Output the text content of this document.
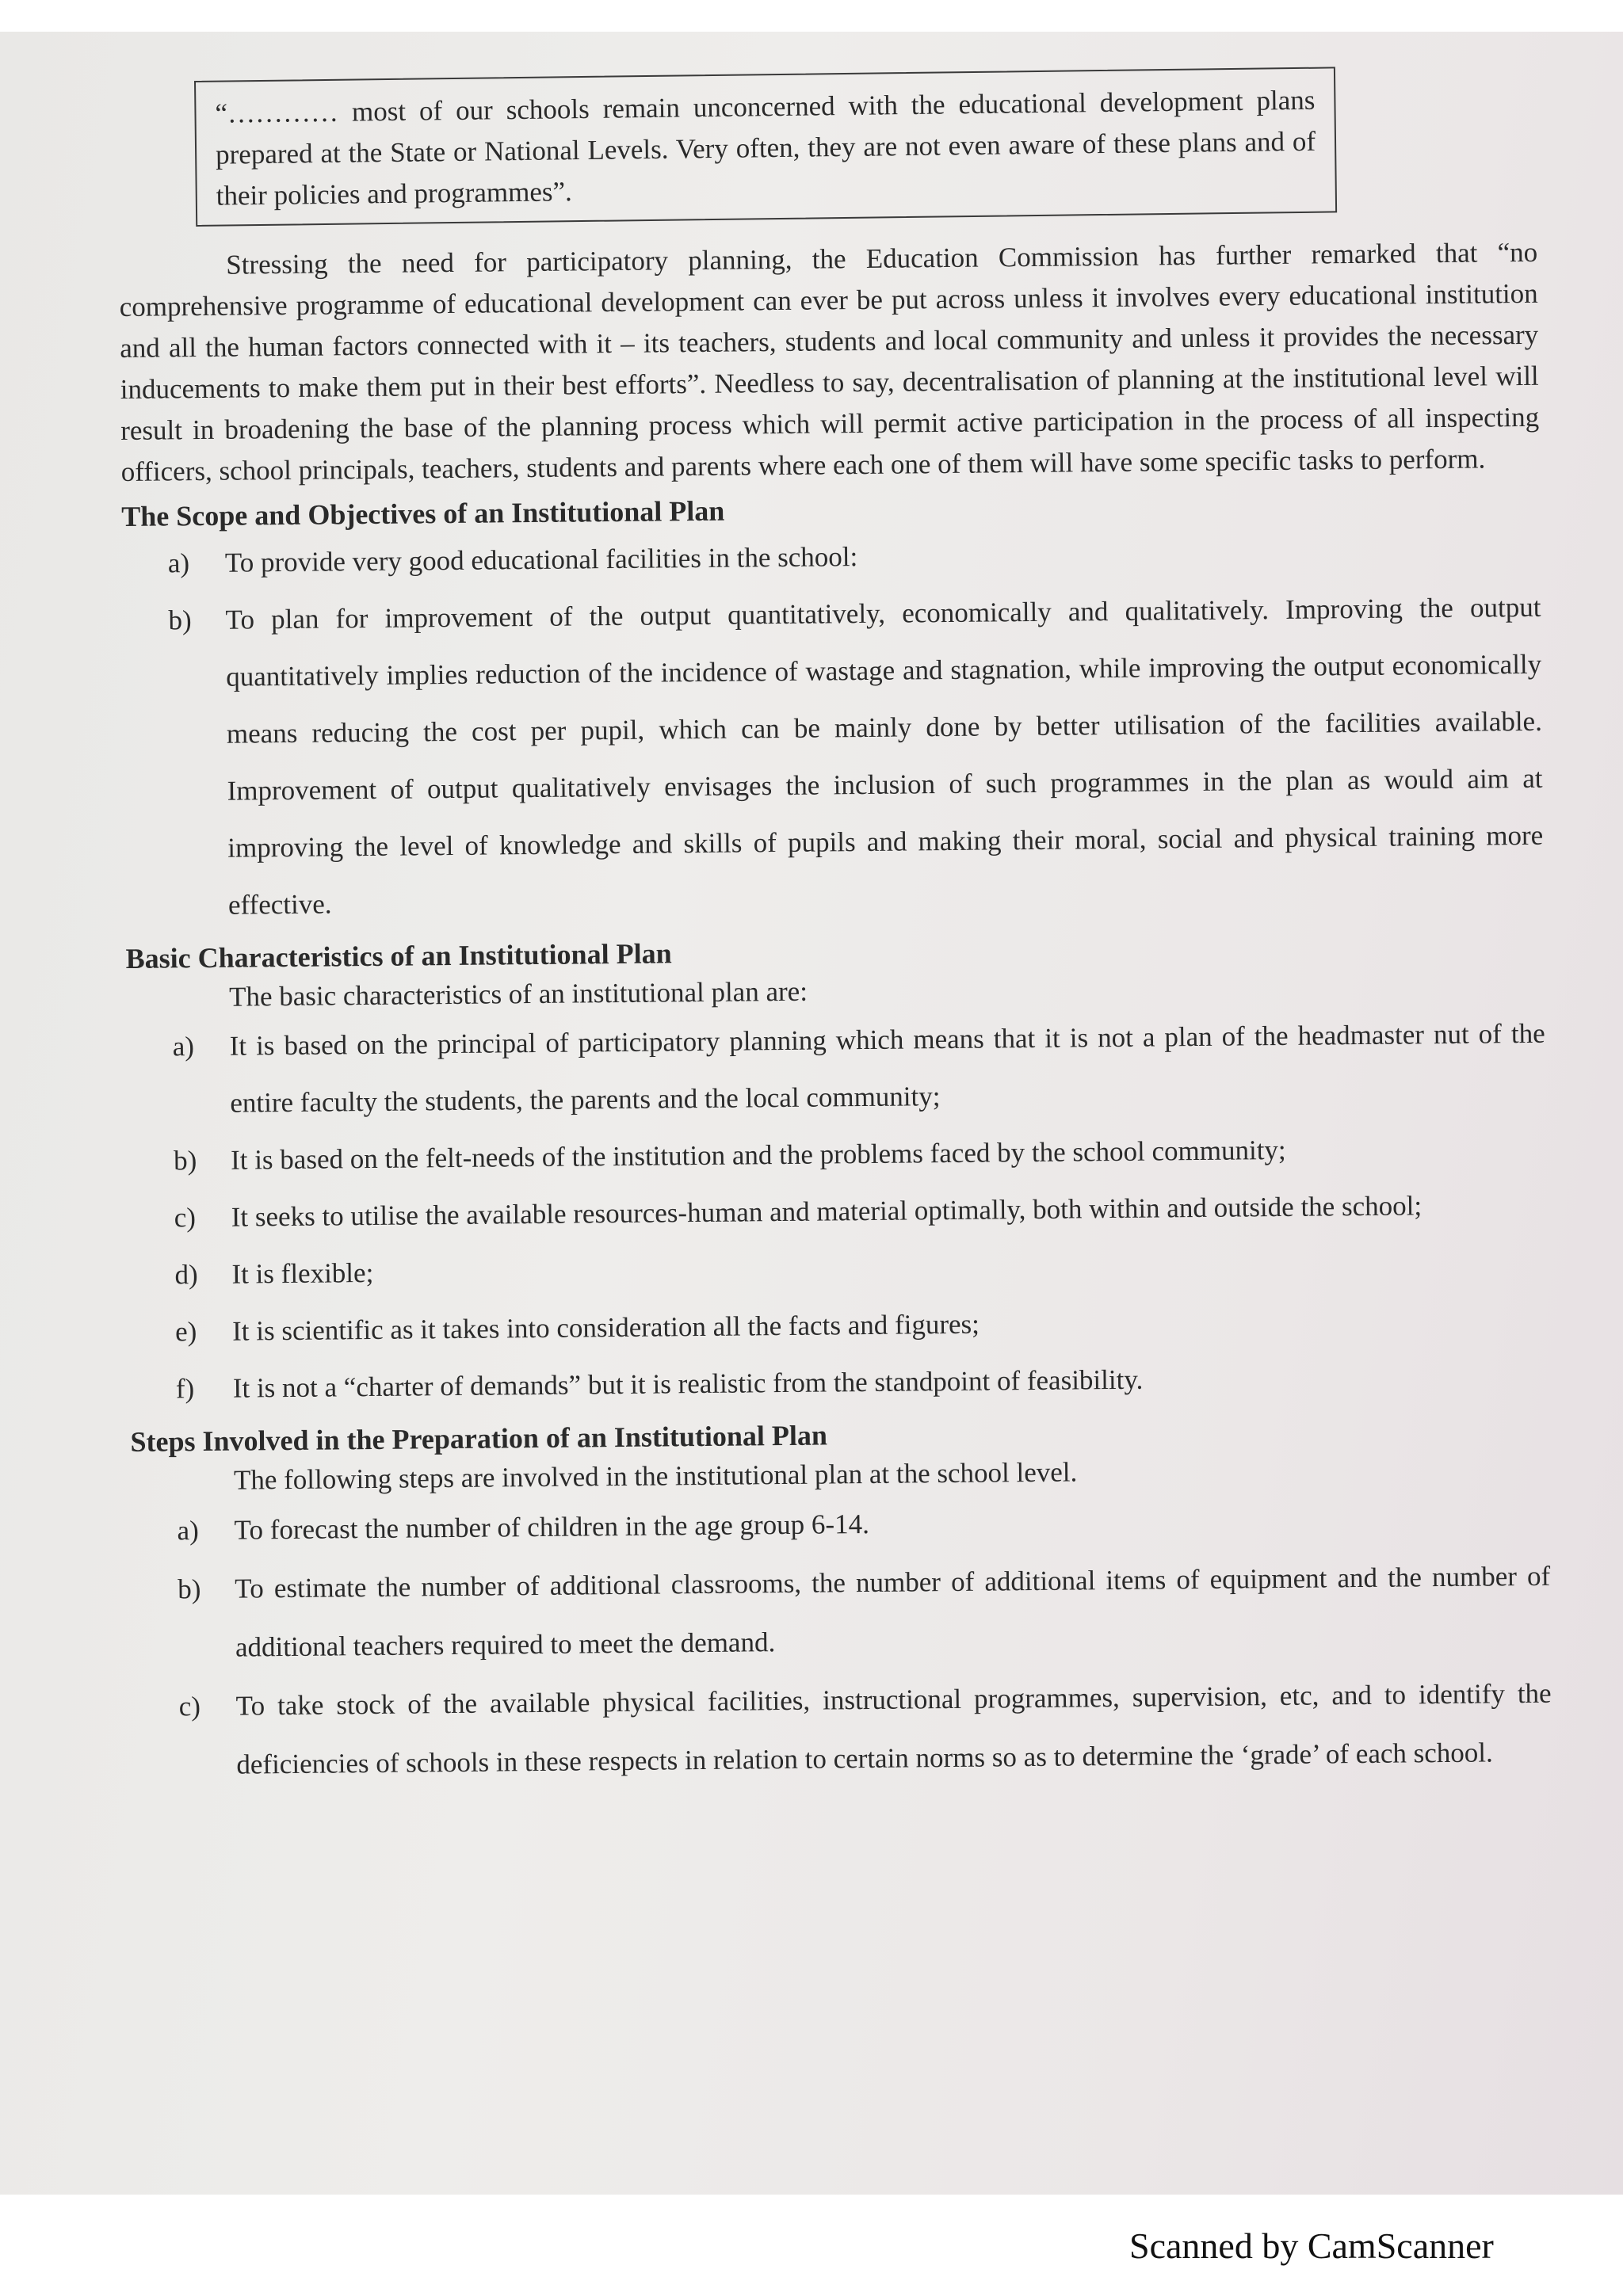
“………… most of our schools remain unconcerned with the educational development plans prepared at the State or National Levels. Very often, they are not even aware of these plans and of their policies and programmes”.

Stressing the need for participatory planning, the Education Commission has further remarked that “no comprehensive programme of educational development can ever be put across unless it involves every educational institution and all the human factors connected with it – its teachers, students and local community and unless it provides the necessary inducements to make them put in their best efforts”. Needless to say, decentralisation of planning at the institutional level will result in broadening the base of the planning process which will permit active participation in the process of all inspecting officers, school principals, teachers, students and parents where each one of them will have some specific tasks to perform.

The Scope and Objectives of an Institutional Plan
a) To provide very good educational facilities in the school:
b) To plan for improvement of the output quantitatively, economically and qualitatively. Improving the output quantitatively implies reduction of the incidence of wastage and stagnation, while improving the output economically means reducing the cost per pupil, which can be mainly done by better utilisation of the facilities available. Improvement of output qualitatively envisages the inclusion of such programmes in the plan as would aim at improving the level of knowledge and skills of pupils and making their moral, social and physical training more effective.
Basic Characteristics of an Institutional Plan

The basic characteristics of an institutional plan are:

a) It is based on the principal of participatory planning which means that it is not a plan of the headmaster nut of the entire faculty the students, the parents and the local community;
b) It is based on the felt-needs of the institution and the problems faced by the school community;
c) It seeks to utilise the available resources-human and material optimally, both within and outside the school;
d) It is flexible;
e) It is scientific as it takes into consideration all the facts and figures;
f) It is not a “charter of demands” but it is realistic from the standpoint of feasibility.
Steps Involved in the Preparation of an Institutional Plan

The following steps are involved in the institutional plan at the school level.

a) To forecast the number of children in the age group 6-14.
b) To estimate the number of additional classrooms, the number of additional items of equipment and the number of additional teachers required to meet the demand.
c) To take stock of the available physical facilities, instructional programmes, supervision, etc, and to identify the deficiencies of schools in these respects in relation to certain norms so as to determine the ‘grade’ of each school.
Scanned by CamScanner
